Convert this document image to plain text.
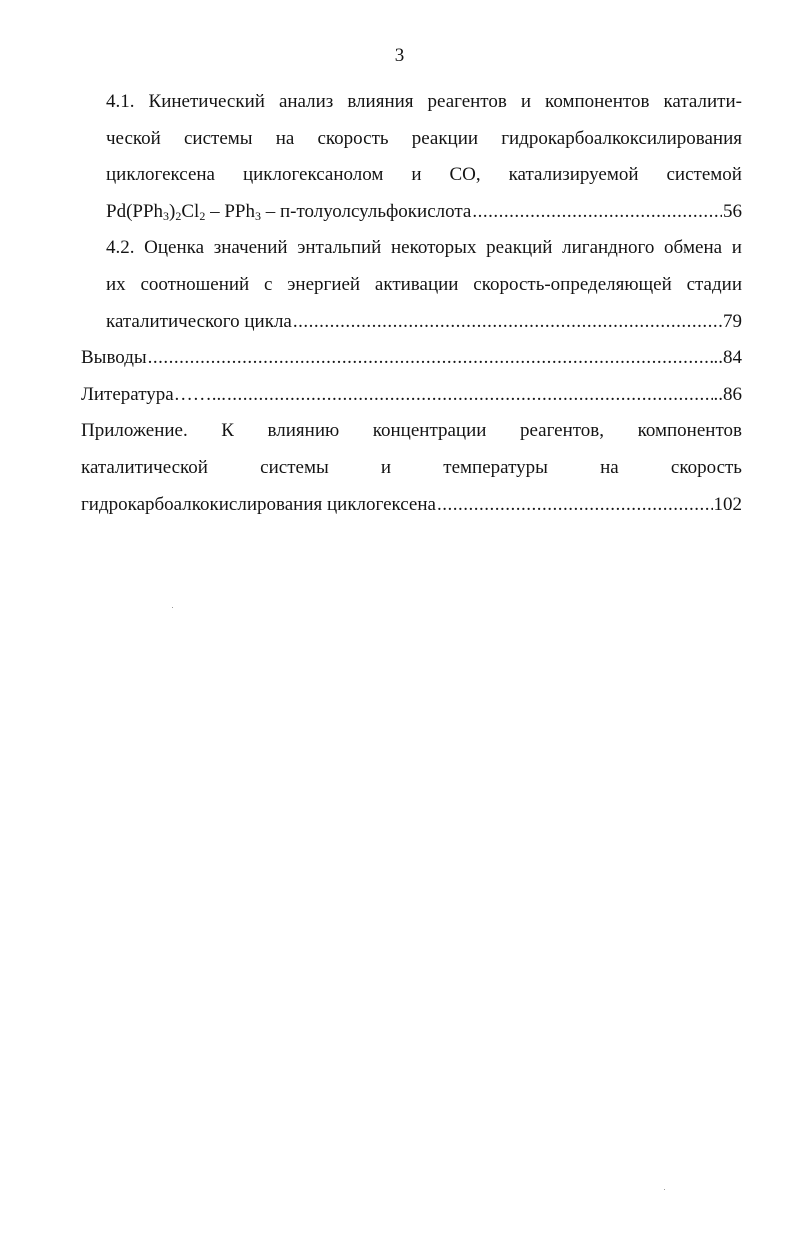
3
4.1. Кинетический анализ влияния реагентов и компонентов каталити-
ческой системы на скорость реакции гидрокарбоалкоксилирования
циклогексена циклогексанолом и CO, катализируемой системой
$Pd(PPh_3)_2Cl_2 - PPh_3$ – п-толуолсульфокислота .....	56
4.2. Оценка значений энтальпий некоторых реакций лигандного обмена и
их соотношений с энергией активации скорость-определяющей стадии
каталитического цикла .....	79
Выводы .....	..84
Литература……... .....	..86
Приложение. К влиянию концентрации реагентов, компонентов
каталитической	системы	и	температуры	на	скорость
гидрокарбоалкокислирования циклогексена .....	102
